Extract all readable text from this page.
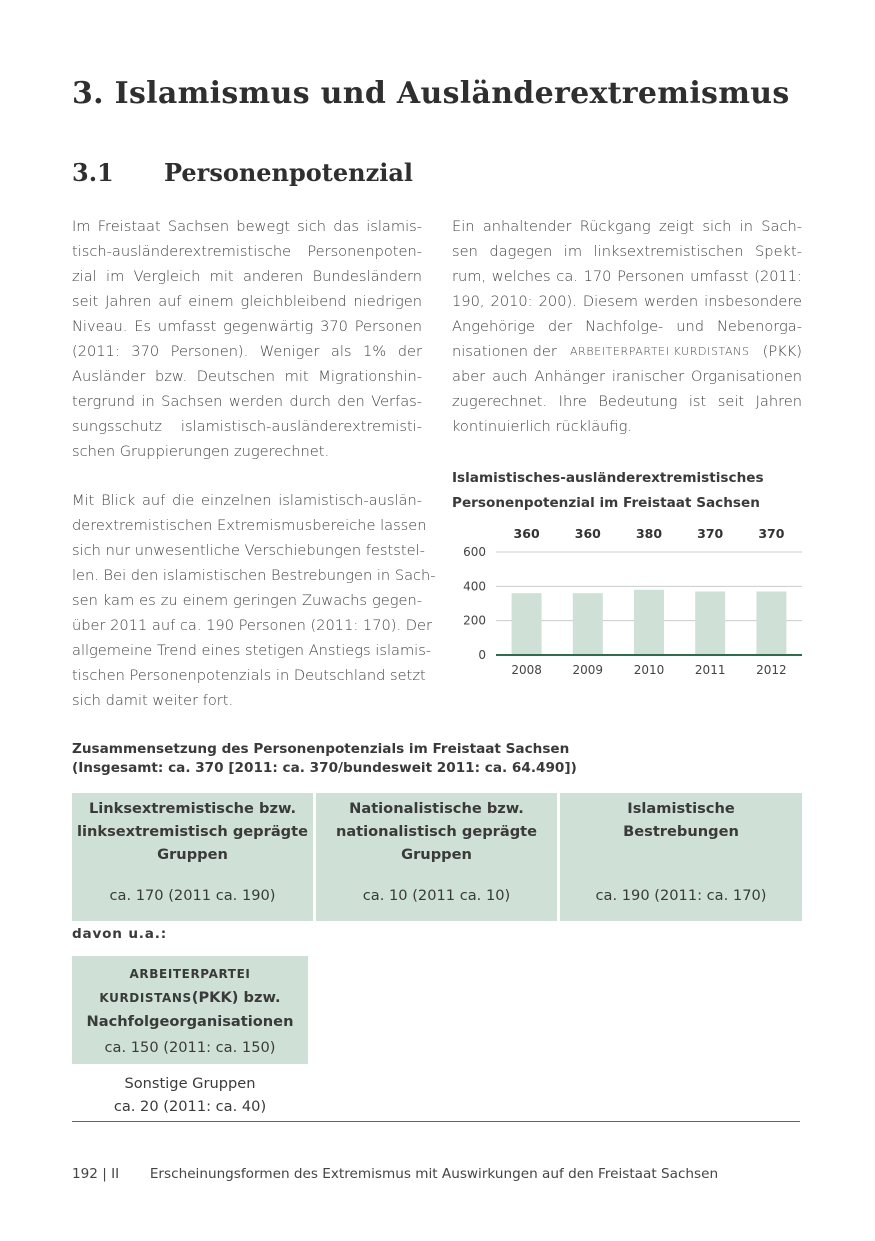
3. Islamismus und Ausländerextremismus
3.1 Personenpotenzial
Im Freistaat Sachsen bewegt sich das islamis-
tisch-ausländerextremistische Personenpoten-
zial im Vergleich mit anderen Bundesländern
seit Jahren auf einem gleichbleibend niedrigen
Niveau. Es umfasst gegenwärtig 370 Personen
(2011: 370 Personen). Weniger als 1% der
Ausländer bzw. Deutschen mit Migrationshin-
tergrund in Sachsen werden durch den Verfas-
sungsschutz islamistisch-ausländerextremisti-
schen Gruppierungen zugerechnet.
Mit Blick auf die einzelnen islamistisch-auslän-
derextremistischen Extremismusbereiche lassen
sich nur unwesentliche Verschiebungen feststel-
len. Bei den islamistischen Bestrebungen in Sach-
sen kam es zu einem geringen Zuwachs gegen-
über 2011 auf ca. 190 Personen (2011: 170). Der
allgemeine Trend eines stetigen Anstiegs islamis-
tischen Personenpotenzials in Deutschland setzt
sich damit weiter fort.
Ein anhaltender Rückgang zeigt sich in Sach-
sen dagegen im linksextremistischen Spekt-
rum, welches ca. 170 Personen umfasst (2011:
190, 2010: 200). Diesem werden insbesondere
Angehörige der Nachfolge- und Nebenorga-
nisationen der ARBEITERPARTEI KURDISTANS (PKK)
aber auch Anhänger iranischer Organisationen
zugerechnet. Ihre Bedeutung ist seit Jahren
kontinuierlich rückläufig.
Islamistisches-ausländerextremistisches
Personenpotenzial im Freistaat Sachsen
0
200
400
600
360
2008
360
2009
380
2010
370
2011
370
2012
Zusammensetzung des Personenpotenzials im Freistaat Sachsen
(Insgesamt: ca. 370 [2011: ca. 370/bundesweit 2011: ca. 64.490])
Linksextremistische bzw.
linksextremistisch geprägte
Gruppen
ca. 170 (2011 ca. 190)
Nationalistische bzw.
nationalistisch geprägte
Gruppen
ca. 10 (2011 ca. 10)
Islamistische
Bestrebungen
ca. 190 (2011: ca. 170)
davon u.a.:
ARBEITERPARTEI
KURDISTANS(PKK) bzw.
Nachfolgeorganisationen
ca. 150 (2011: ca. 150)
Sonstige Gruppen
ca. 20 (2011: ca. 40)
192 | II Erscheinungsformen des Extremismus mit Auswirkungen auf den Freistaat Sachsen
